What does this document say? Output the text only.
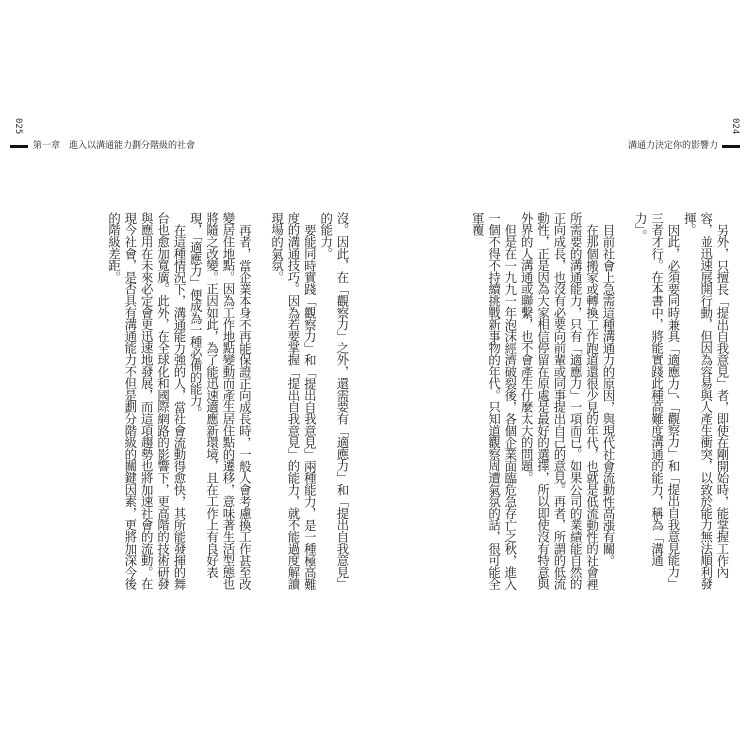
025
第一章　進入以溝通能力劃分階級的社會
024
溝通力決定你的影響力
另外，只擅長「提出自我意見」者，即使在剛開始時，能掌握工作內容，並迅速展開行動，但因為容易與人產生衝突，以致於能力無法順利發揮。
因此，必須要同時兼具「適應力」、「觀察力」和「提出自我意見能力」三者才行。在本書中，將能實踐此種高難度溝通的能力，稱為「溝通力」。
目前社會上急需這種溝通力的原因，與現代社會流動性高漲有關。
在那個搬家或轉換工作跑道還很少見的年代，也就是低流動性的社會裡所需要的溝通能力，只有「適應力」一項而已。如果公司的業績能自然的正向成長，也沒有必要向前輩或同事提出自己的意見。再者，所謂的低流動性，正是因為大家相信停留在原處是最好的選擇，所以即使沒有特意與外界的人溝通或聯繫，也不會產生什麼太大的問題。
但是在一九九一年泡沫經濟破裂後，各個企業面臨危急存亡之秋，進入一個不得不持續挑戰新事物的年代。只知道觀察周遭氣氛的話，很可能全軍覆
沒。因此，在「觀察力」之外，還需要有「適應力」和「提出自我意見」的能力。
要能同時實踐「觀察力」和「提出自我意見」兩種能力，是一種極高難度的溝通技巧。因為若要掌握「提出自我意見」的能力，就不能過度解讀現場的氣氛。
再者，當企業本身不再能保證正向成長時，一般人會考慮換工作甚至改變居住地點。因為工作地點變動而產生居住點的遷移，意味著生活型態也將隨之改變。正因如此，為了能迅速適應新環境，且在工作上有良好表現，「適應力」便成為一種必備的能力。
在這種情況下，溝通能力強的人，當社會流動得愈快，其所能發揮的舞台也愈加寬廣。此外，在全球化和國際網路的影響下，更高階的技術研發與應用在未來必定會更迅速地發展，而這項趨勢也將加速社會的流動。在現今社會，是否具有溝通能力不但是劃分階級的關鍵因素，更將加深今後的階級差距。
